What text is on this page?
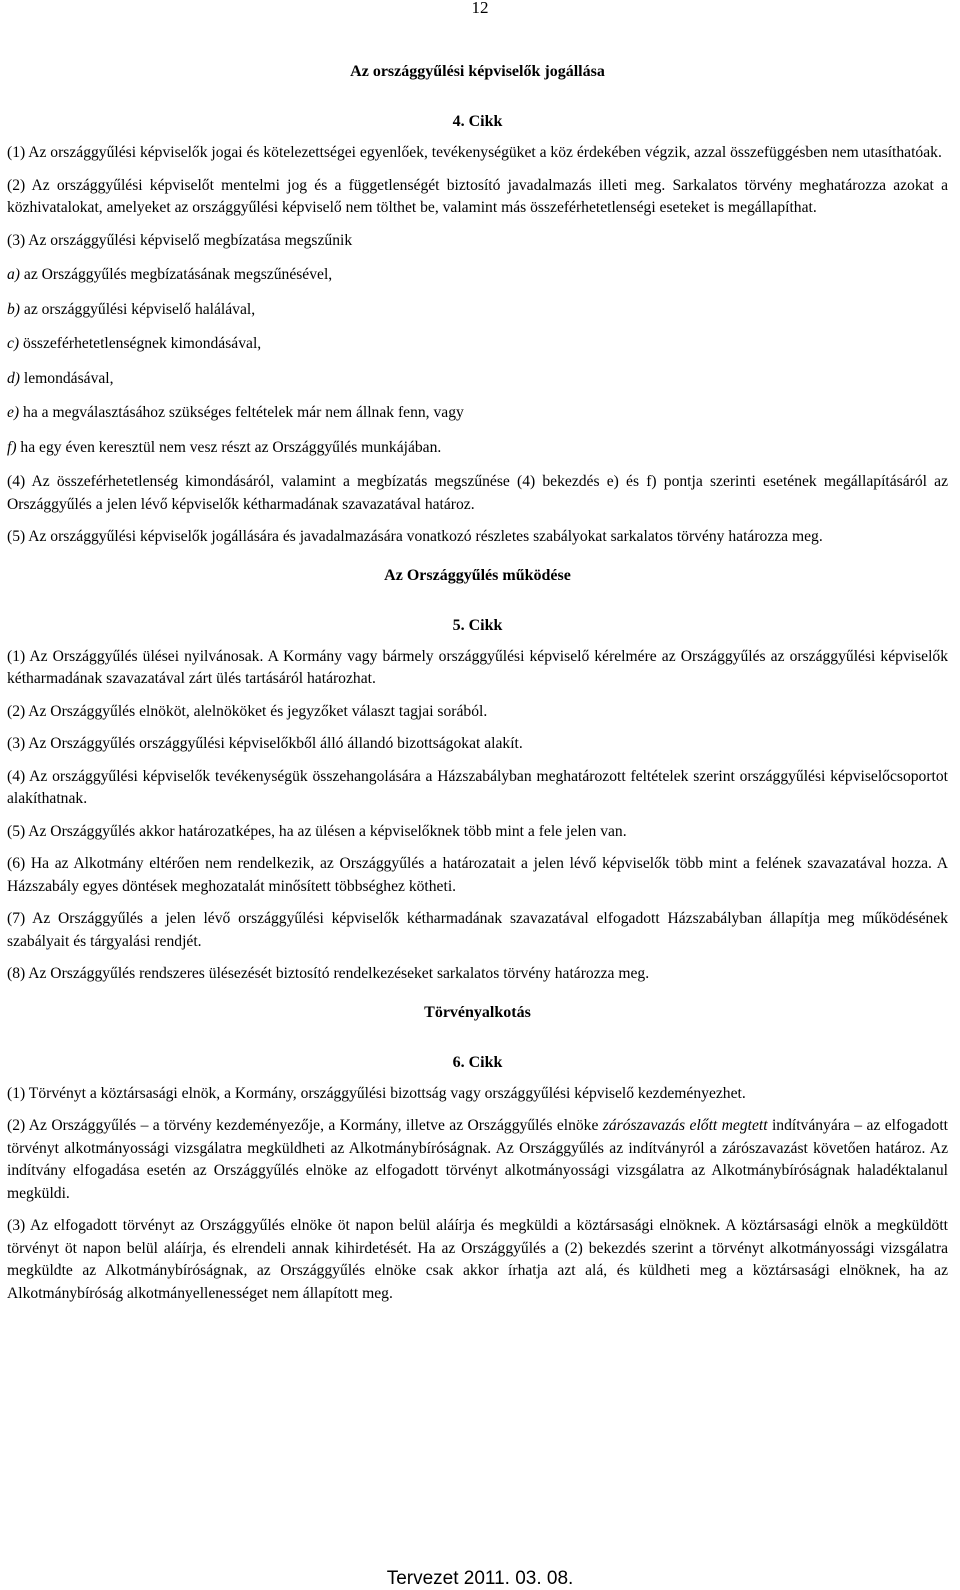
12
Az országgyűlési képviselők jogállása
4. Cikk

(1) Az országgyűlési képviselők jogai és kötelezettségei egyenlőek, tevékenységüket a köz érdekében végzik, azzal összefüggésben nem utasíthatóak.

(2) Az országgyűlési képviselőt mentelmi jog és a függetlenségét biztosító javadalmazás illeti meg. Sarkalatos törvény meghatározza azokat a közhivatalokat, amelyeket az országgyűlési képviselő nem tölthet be, valamint más összeférhetetlenségi eseteket is megállapíthat.

(3) Az országgyűlési képviselő megbízatása megszűnik

a) az Országgyűlés megbízatásának megszűnésével,

b) az országgyűlési képviselő halálával,

c) összeférhetetlenségnek kimondásával,

d) lemondásával,

e) ha a megválasztásához szükséges feltételek már nem állnak fenn, vagy

f) ha egy éven keresztül nem vesz részt az Országgyűlés munkájában.

(4) Az összeférhetetlenség kimondásáról, valamint a megbízatás megszűnése (4) bekezdés e) és f) pontja szerinti esetének megállapításáról az Országgyűlés a jelen lévő képviselők kétharmadának szavazatával határoz.

(5) Az országgyűlési képviselők jogállására és javadalmazására vonatkozó részletes szabályokat sarkalatos törvény határozza meg.

Az Országgyűlés működése
5. Cikk

(1) Az Országgyűlés ülései nyilvánosak. A Kormány vagy bármely országgyűlési képviselő kérelmére az Országgyűlés az országgyűlési képviselők kétharmadának szavazatával zárt ülés tartásáról határozhat.

(2) Az Országgyűlés elnököt, alelnököket és jegyzőket választ tagjai sorából.

(3) Az Országgyűlés országgyűlési képviselőkből álló állandó bizottságokat alakít.

(4) Az országgyűlési képviselők tevékenységük összehangolására a Házszabályban meghatározott feltételek szerint országgyűlési képviselőcsoportot alakíthatnak.

(5) Az Országgyűlés akkor határozatképes, ha az ülésen a képviselőknek több mint a fele jelen van.

(6) Ha az Alkotmány eltérően nem rendelkezik, az Országgyűlés a határozatait a jelen lévő képviselők több mint a felének szavazatával hozza. A Házszabály egyes döntések meghozatalát minősített többséghez kötheti.

(7) Az Országgyűlés a jelen lévő országgyűlési képviselők kétharmadának szavazatával elfogadott Házszabályban állapítja meg működésének szabályait és tárgyalási rendjét.

(8) Az Országgyűlés rendszeres ülésezését biztosító rendelkezéseket sarkalatos törvény határozza meg.

Törvényalkotás
6. Cikk

(1) Törvényt a köztársasági elnök, a Kormány, országgyűlési bizottság vagy országgyűlési képviselő kezdeményezhet.

(2) Az Országgyűlés – a törvény kezdeményezője, a Kormány, illetve az Országgyűlés elnöke zárószavazás előtt megtett indítványára – az elfogadott törvényt alkotmányossági vizsgálatra megküldheti az Alkotmánybíróságnak. Az Országgyűlés az indítványról a zárószavazást követően határoz. Az indítvány elfogadása esetén az Országgyűlés elnöke az elfogadott törvényt alkotmányossági vizsgálatra az Alkotmánybíróságnak haladéktalanul megküldi.

(3) Az elfogadott törvényt az Országgyűlés elnöke öt napon belül aláírja és megküldi a köztársasági elnöknek. A köztársasági elnök a megküldött törvényt öt napon belül aláírja, és elrendeli annak kihirdetését. Ha az Országgyűlés a (2) bekezdés szerint a törvényt alkotmányossági vizsgálatra megküldte az Alkotmánybíróságnak, az Országgyűlés elnöke csak akkor írhatja azt alá, és küldheti meg a köztársasági elnöknek, ha az Alkotmánybíróság alkotmányellenességet nem állapított meg.

Tervezet 2011. 03. 08.
